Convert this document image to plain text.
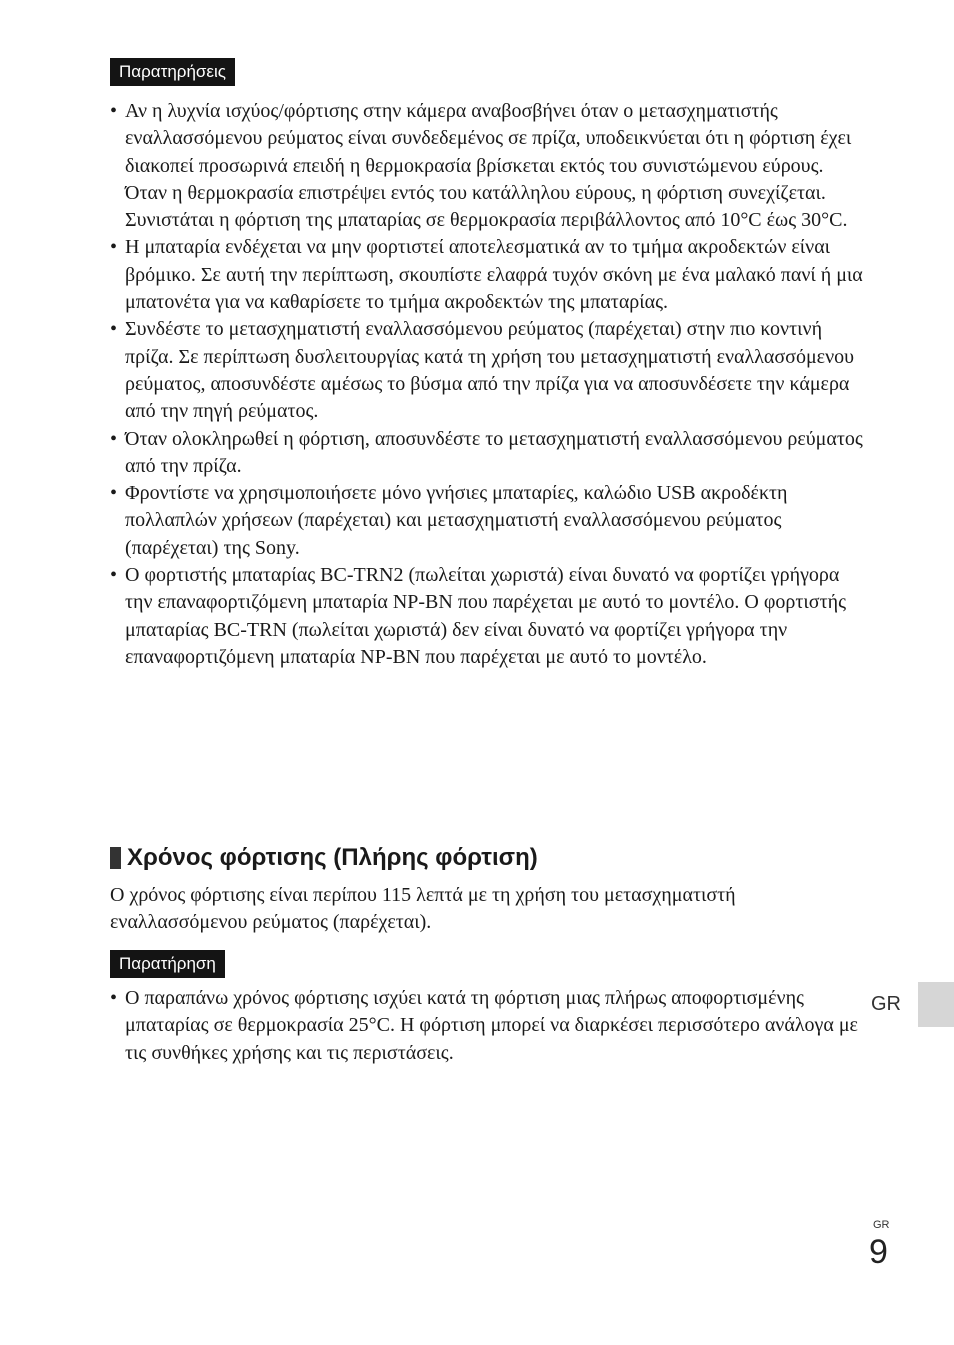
Παρατηρήσεις
• Αν η λυχνία ισχύος/φόρτισης στην κάμερα αναβοσβήνει όταν ο μετασχηματιστής εναλλασσόμενου ρεύματος είναι συνδεδεμένος σε πρίζα, υποδεικνύεται ότι η φόρτιση έχει διακοπεί προσωρινά επειδή η θερμοκρασία βρίσκεται εκτός του συνιστώμενου εύρους. Όταν η θερμοκρασία επιστρέψει εντός του κατάλληλου εύρους, η φόρτιση συνεχίζεται. Συνιστάται η φόρτιση της μπαταρίας σε θερμοκρασία περιβάλλοντος από 10°C έως 30°C.
• Η μπαταρία ενδέχεται να μην φορτιστεί αποτελεσματικά αν το τμήμα ακροδεκτών είναι βρόμικο. Σε αυτή την περίπτωση, σκουπίστε ελαφρά τυχόν σκόνη με ένα μαλακό πανί ή μια μπατονέτα για να καθαρίσετε το τμήμα ακροδεκτών της μπαταρίας.
• Συνδέστε το μετασχηματιστή εναλλασσόμενου ρεύματος (παρέχεται) στην πιο κοντινή πρίζα. Σε περίπτωση δυσλειτουργίας κατά τη χρήση του μετασχηματιστή εναλλασσόμενου ρεύματος, αποσυνδέστε αμέσως το βύσμα από την πρίζα για να αποσυνδέσετε την κάμερα από την πηγή ρεύματος.
• Όταν ολοκληρωθεί η φόρτιση, αποσυνδέστε το μετασχηματιστή εναλλασσόμενου ρεύματος από την πρίζα.
• Φροντίστε να χρησιμοποιήσετε μόνο γνήσιες μπαταρίες, καλώδιο USB ακροδέκτη πολλαπλών χρήσεων (παρέχεται) και μετασχηματιστή εναλλασσόμενου ρεύματος (παρέχεται) της Sony.
• Ο φορτιστής μπαταρίας BC-TRN2 (πωλείται χωριστά) είναι δυνατό να φορτίζει γρήγορα την επαναφορτιζόμενη μπαταρία NP-BN που παρέχεται με αυτό το μοντέλο. Ο φορτιστής μπαταρίας BC-TRN (πωλείται χωριστά) δεν είναι δυνατό να φορτίζει γρήγορα την επαναφορτιζόμενη μπαταρία NP-BN που παρέχεται με αυτό το μοντέλο.
Χρόνος φόρτισης (Πλήρης φόρτιση)

Ο χρόνος φόρτισης είναι περίπου 115 λεπτά με τη χρήση του μετασχηματιστή εναλλασσόμενου ρεύματος (παρέχεται).

Παρατήρηση
• Ο παραπάνω χρόνος φόρτισης ισχύει κατά τη φόρτιση μιας πλήρως αποφορτισμένης μπαταρίας σε θερμοκρασία 25°C. Η φόρτιση μπορεί να διαρκέσει περισσότερο ανάλογα με τις συνθήκες χρήσης και τις περιστάσεις.
GR
GR
9
